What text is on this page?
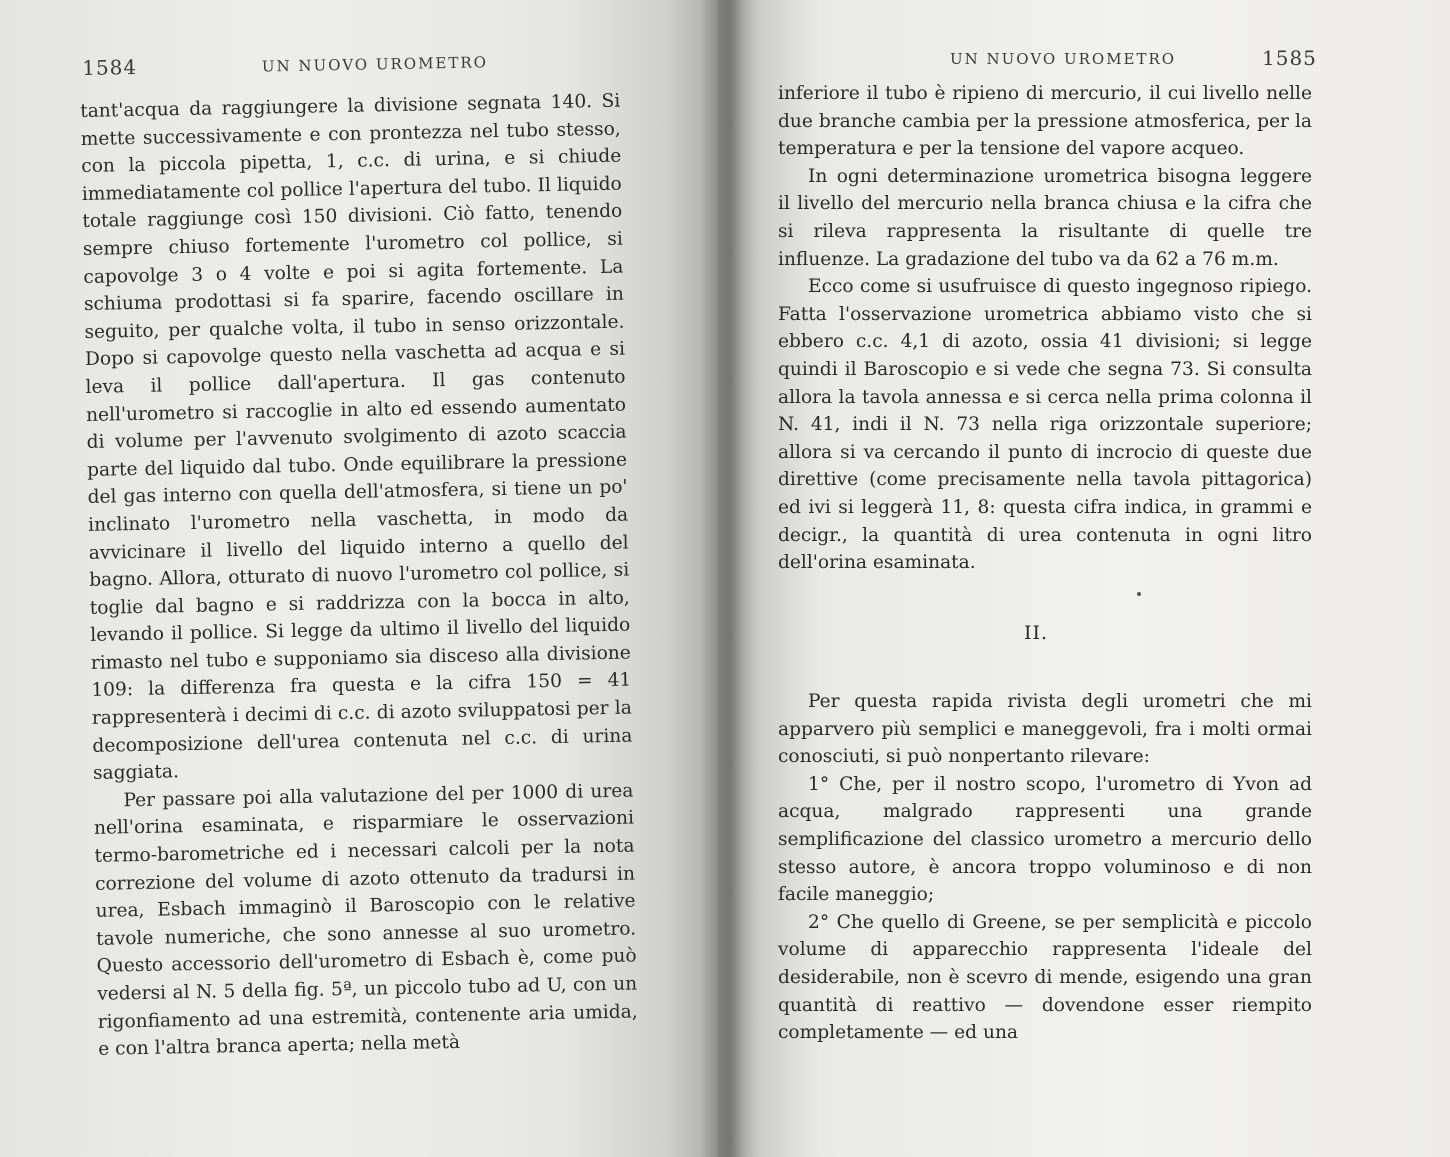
1584	UN NUOVO UROMETRO

tant'acqua da raggiungere la divisione segnata 140. Si mette successivamente e con prontezza nel tubo stesso, con la piccola pipetta, 1, c.c. di urina, e si chiude immediatamente col pollice l'apertura del tubo. Il liquido totale raggiunge così 150 divisioni. Ciò fatto, tenendo sempre chiuso fortemente l'urometro col pollice, si capovolge 3 o 4 volte e poi si agita fortemente. La schiuma prodottasi si fa sparire, facendo oscillare in seguito, per qualche volta, il tubo in senso orizzontale. Dopo si capovolge questo nella vaschetta ad acqua e si leva il pollice dall'apertura. Il gas contenuto nell'urometro si raccoglie in alto ed essendo aumentato di volume per l'avvenuto svolgimento di azoto scaccia parte del liquido dal tubo. Onde equilibrare la pressione del gas interno con quella dell'atmosfera, si tiene un po' inclinato l'urometro nella vaschetta, in modo da avvicinare il livello del liquido interno a quello del bagno. Allora, otturato di nuovo l'urometro col pollice, si toglie dal bagno e si raddrizza con la bocca in alto, levando il pollice. Si legge da ultimo il livello del liquido rimasto nel tubo e supponiamo sia disceso alla divisione 109: la differenza fra questa e la cifra 150 = 41 rappresenterà i decimi di c.c. di azoto sviluppatosi per la decomposizione dell'urea contenuta nel c.c. di urina saggiata.

Per passare poi alla valutazione del per 1000 di urea nell'orina esaminata, e risparmiare le osservazioni termo-barometriche ed i necessari calcoli per la nota correzione del volume di azoto ottenuto da tradursi in urea, Esbach immaginò il Baroscopio con le relative tavole numeriche, che sono annesse al suo urometro. Questo accessorio dell'urometro di Esbach è, come può vedersi al N. 5 della fig. 5ª, un piccolo tubo ad U, con un rigonfiamento ad una estremità, contenente aria umida, e con l'altra branca aperta; nella metà

UN NUOVO UROMETRO	1585

inferiore il tubo è ripieno di mercurio, il cui livello nelle due branche cambia per la pressione atmosferica, per la temperatura e per la tensione del vapore acqueo.

In ogni determinazione urometrica bisogna leggere il livello del mercurio nella branca chiusa e la cifra che si rileva rappresenta la risultante di quelle tre influenze. La gradazione del tubo va da 62 a 76 m.m.

Ecco come si usufruisce di questo ingegnoso ripiego. Fatta l'osservazione urometrica abbiamo visto che si ebbero c.c. 4,1 di azoto, ossia 41 divisioni; si legge quindi il Baroscopio e si vede che segna 73. Si consulta allora la tavola annessa e si cerca nella prima colonna il N. 41, indi il N. 73 nella riga orizzontale superiore; allora si va cercando il punto di incrocio di queste due direttive (come precisamente nella tavola pittagorica) ed ivi si leggerà 11, 8: questa cifra indica, in grammi e decigr., la quantità di urea contenuta in ogni litro dell'orina esaminata.

II.

Per questa rapida rivista degli urometri che mi apparvero più semplici e maneggevoli, fra i molti ormai conosciuti, si può nonpertanto rilevare:

1° Che, per il nostro scopo, l'urometro di Yvon ad acqua, malgrado rappresenti una grande semplificazione del classico urometro a mercurio dello stesso autore, è ancora troppo voluminoso e di non facile maneggio;

2° Che quello di Greene, se per semplicità e piccolo volume di apparecchio rappresenta l'ideale del desiderabile, non è scevro di mende, esigendo una gran quantità di reattivo — dovendone esser riempito completamente — ed una
